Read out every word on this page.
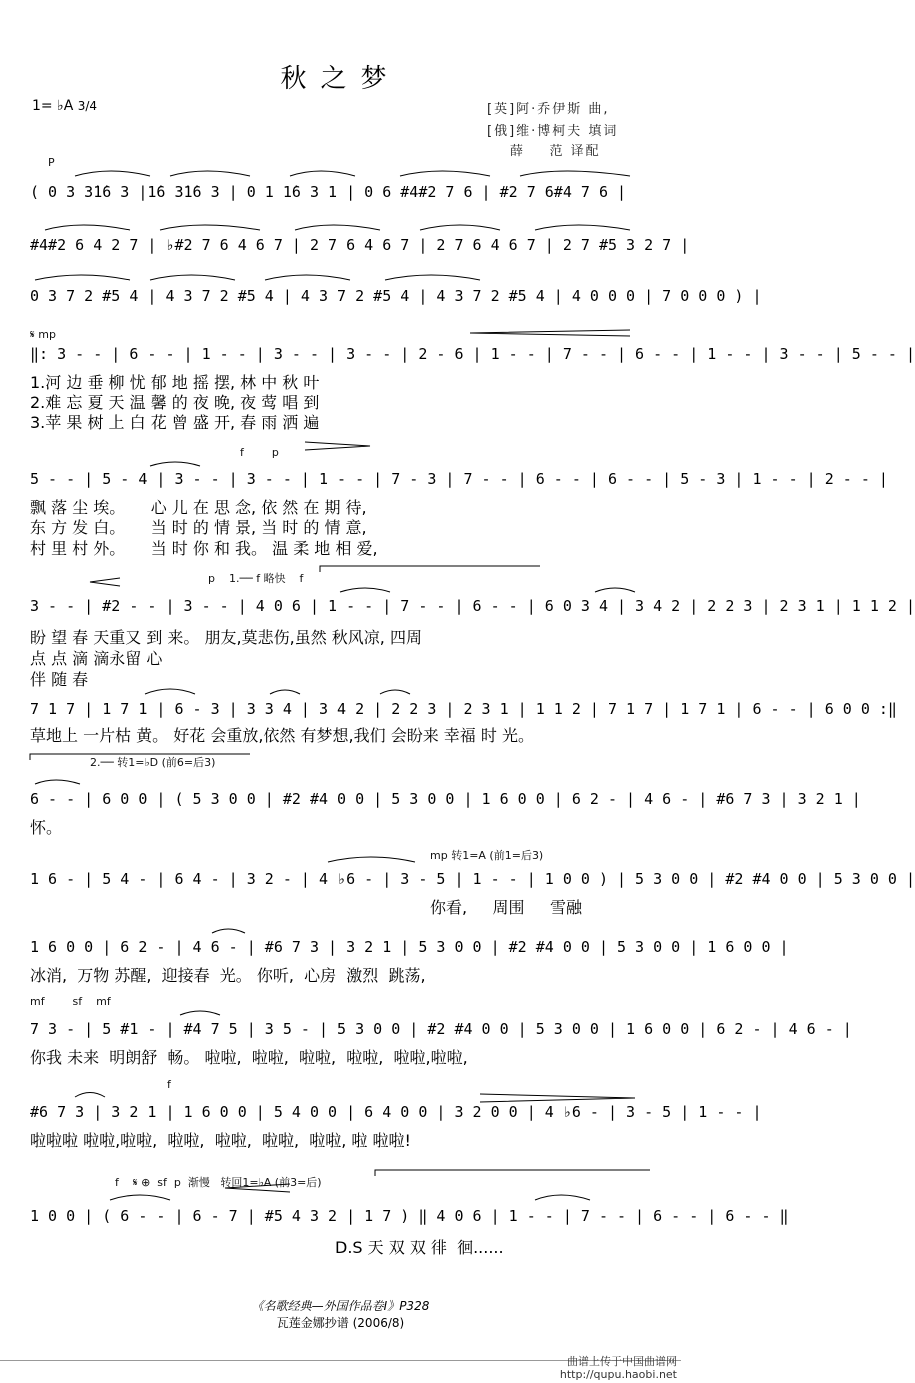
秋之梦
1= ♭A 3/4	[英]阿·乔伊斯 曲,
[俄]维·博柯夫 填词
薛    范 译配
P
( 0 3 3̇1̇6 3 |1̇6 3̇1̇6 3 | 0 1 1̇6 3 1 | 0 6 #4#2 7 6 | #2 7 6#4 7 6 |
#4#2 6 4 2 7 | ♭#2 7 6 4 6 7 | 2 7 6 4 6 7 | 2 7 6 4 6 7 | 2 7 #5 3 2 7 |
0 3 7 2 #5 4 | 4 3 7 2 #5 4 | 4 3 7 2 #5 4 | 4 3 7 2 #5 4 | 4 0 0 0 | 7 0 0 0 ) |
𝄋 mp
‖: 3 - - | 6 - - | 1 - - | 3 - - | 3 - - | 2 - 6 | 1 - - | 7 - - | 6 - - | 1 - - | 3 - - | 5 - - |
1.河 边 垂 柳 忧 郁 地 摇 摆, 林 中 秋 叶
2.难 忘 夏 天 温 馨 的 夜 晚, 夜 莺 唱 到
3.苹 果 树 上 白 花 曾 盛 开, 春 雨 洒 遍
f        p
5 - - | 5 - 4 | 3 - - | 3 - - | 1 - - | 7 - 3 | 7 - - | 6 - - | 6 - - | 5 - 3 | 1 - - | 2 - - |
飘 落 尘 埃。     心 儿 在 思 念, 依 然 在 期 待,
东 方 发 白。     当 时 的 情 景, 当 时 的 情 意,
村 里 村 外。     当 时 你 和 我。 温 柔 地 相 爱,
p    1.── f 略快    f
3 - - | #2 - - | 3 - - | 4 0 6 | 1 - - | 7 - - | 6 - - | 6 0 3 4 | 3 4 2 | 2 2 3 | 2 3 1 | 1 1 2 |
盼 望 春 天重又 到 来。 朋友,莫悲伤,虽然 秋风凉, 四周
点 点 滴 滴永留 心
伴 随 春
7 1 7 | 1 7 1 | 6 - 3 | 3 3 4 | 3 4 2 | 2 2 3 | 2 3 1 | 1 1 2 | 7 1 7 | 1 7 1 | 6 - - | 6 0 0 :‖
草地上 一片枯 黄。 好花 会重放,依然 有梦想,我们 会盼来 幸福 时 光。
2.── 转1=♭D (前6=后3)
6 - - | 6 0 0 | ( 5 3 0 0 | #2 #4 0 0 | 5 3 0 0 | 1 6 0 0 | 6 2 - | 4 6 - | #6 7 3 | 3 2 1 |
怀。
mp 转1=A (前1=后3)
1 6 - | 5 4 - | 6 4 - | 3 2 - | 4 ♭6 - | 3 - 5 | 1 - - | 1 0 0 ) | 5 3 0 0 | #2 #4 0 0 | 5 3 0 0 |
你看,     周围     雪融
1 6 0 0 | 6 2 - | 4 6 - | #6 7 3 | 3 2 1 | 5 3 0 0 | #2 #4 0 0 | 5 3 0 0 | 1 6 0 0 |
冰消,  万物 苏醒,  迎接春  光。 你听,  心房  激烈  跳荡,
mf        sf    mf
7 3 - | 5 #1 - | #4 7 5 | 3 5 - | 5 3 0 0 | #2 #4 0 0 | 5 3 0 0 | 1 6 0 0 | 6 2 - | 4 6 - |
你我 未来  明朗舒  畅。 啦啦,  啦啦,  啦啦,  啦啦,  啦啦,啦啦,
f
#6 7 3 | 3 2 1 | 1 6 0 0 | 5 4 0 0 | 6 4 0 0 | 3 2 0 0 | 4 ♭6 - | 3 - 5 | 1 - - |
啦啦啦 啦啦,啦啦,  啦啦,  啦啦,  啦啦,  啦啦, 啦 啦啦!
f    𝄋 ⊕  sf  p  渐慢   转回1=♭A (前3=后)
1 0 0 | ( 6 - - | 6 - 7 | #5 4 3 2 | 1 7 ) ‖ 4 0 6 | 1 - - | 7 - - | 6 - - | 6 - - ‖
D.S 天 双 双 徘  徊......
《名歌经典—外国作品卷Ⅰ》P328
瓦莲金娜抄谱 (2006/8)
曲谱上传于中国曲谱网
http://qupu.haobi.net
